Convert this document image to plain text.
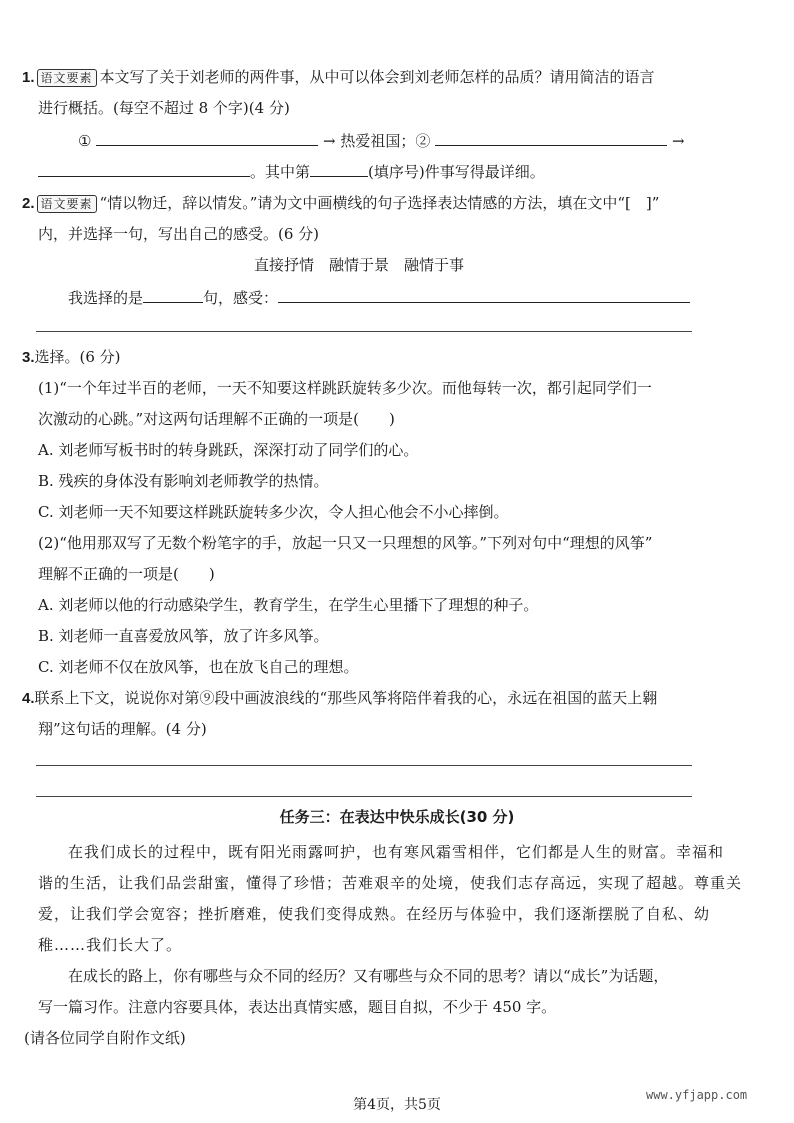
1. 语文要素 本文写了关于刘老师的两件事，从中可以体会到刘老师怎样的品质？请用简洁的语言
进行概括。(每空不超过 8 个字)(4 分)
①	→ 热爱祖国；②	→
。其中第	(填序号)件事写得最详细。
2. 语文要素 “情以物迁，辞以情发。”请为文中画横线的句子选择表达情感的方法，填在文中“[　]”
内，并选择一句，写出自己的感受。(6 分)
直接抒情　融情于景　融情于事
我选择的是	句，感受：
3.选择。(6 分)
(1)“一个年过半百的老师，一天不知要这样跳跃旋转多少次。而他每转一次，都引起同学们一
次激动的心跳。”对这两句话理解不正确的一项是(　　)
A. 刘老师写板书时的转身跳跃，深深打动了同学们的心。
B. 残疾的身体没有影响刘老师教学的热情。
C. 刘老师一天不知要这样跳跃旋转多少次，令人担心他会不小心摔倒。
(2)“他用那双写了无数个粉笔字的手，放起一只又一只理想的风筝。”下列对句中“理想的风筝”
理解不正确的一项是(　　)
A. 刘老师以他的行动感染学生，教育学生，在学生心里播下了理想的种子。
B. 刘老师一直喜爱放风筝，放了许多风筝。
C. 刘老师不仅在放风筝，也在放飞自己的理想。
4.联系上下文，说说你对第⑨段中画波浪线的“那些风筝将陪伴着我的心，永远在祖国的蓝天上翱
翔”这句话的理解。(4 分)
任务三：在表达中快乐成长(30 分)
在我们成长的过程中，既有阳光雨露呵护，也有寒风霜雪相伴，它们都是人生的财富。幸福和
谐的生活，让我们品尝甜蜜，懂得了珍惜；苦难艰辛的处境，使我们志存高远，实现了超越。尊重关
爱，让我们学会宽容；挫折磨难，使我们变得成熟。在经历与体验中，我们逐渐摆脱了自私、幼
稚……我们长大了。
在成长的路上，你有哪些与众不同的经历？又有哪些与众不同的思考？请以“成长”为话题，
写一篇习作。注意内容要具体，表达出真情实感，题目自拟，不少于 450 字。
(请各位同学自附作文纸)
第4页，共5页
www.yfjapp.com
